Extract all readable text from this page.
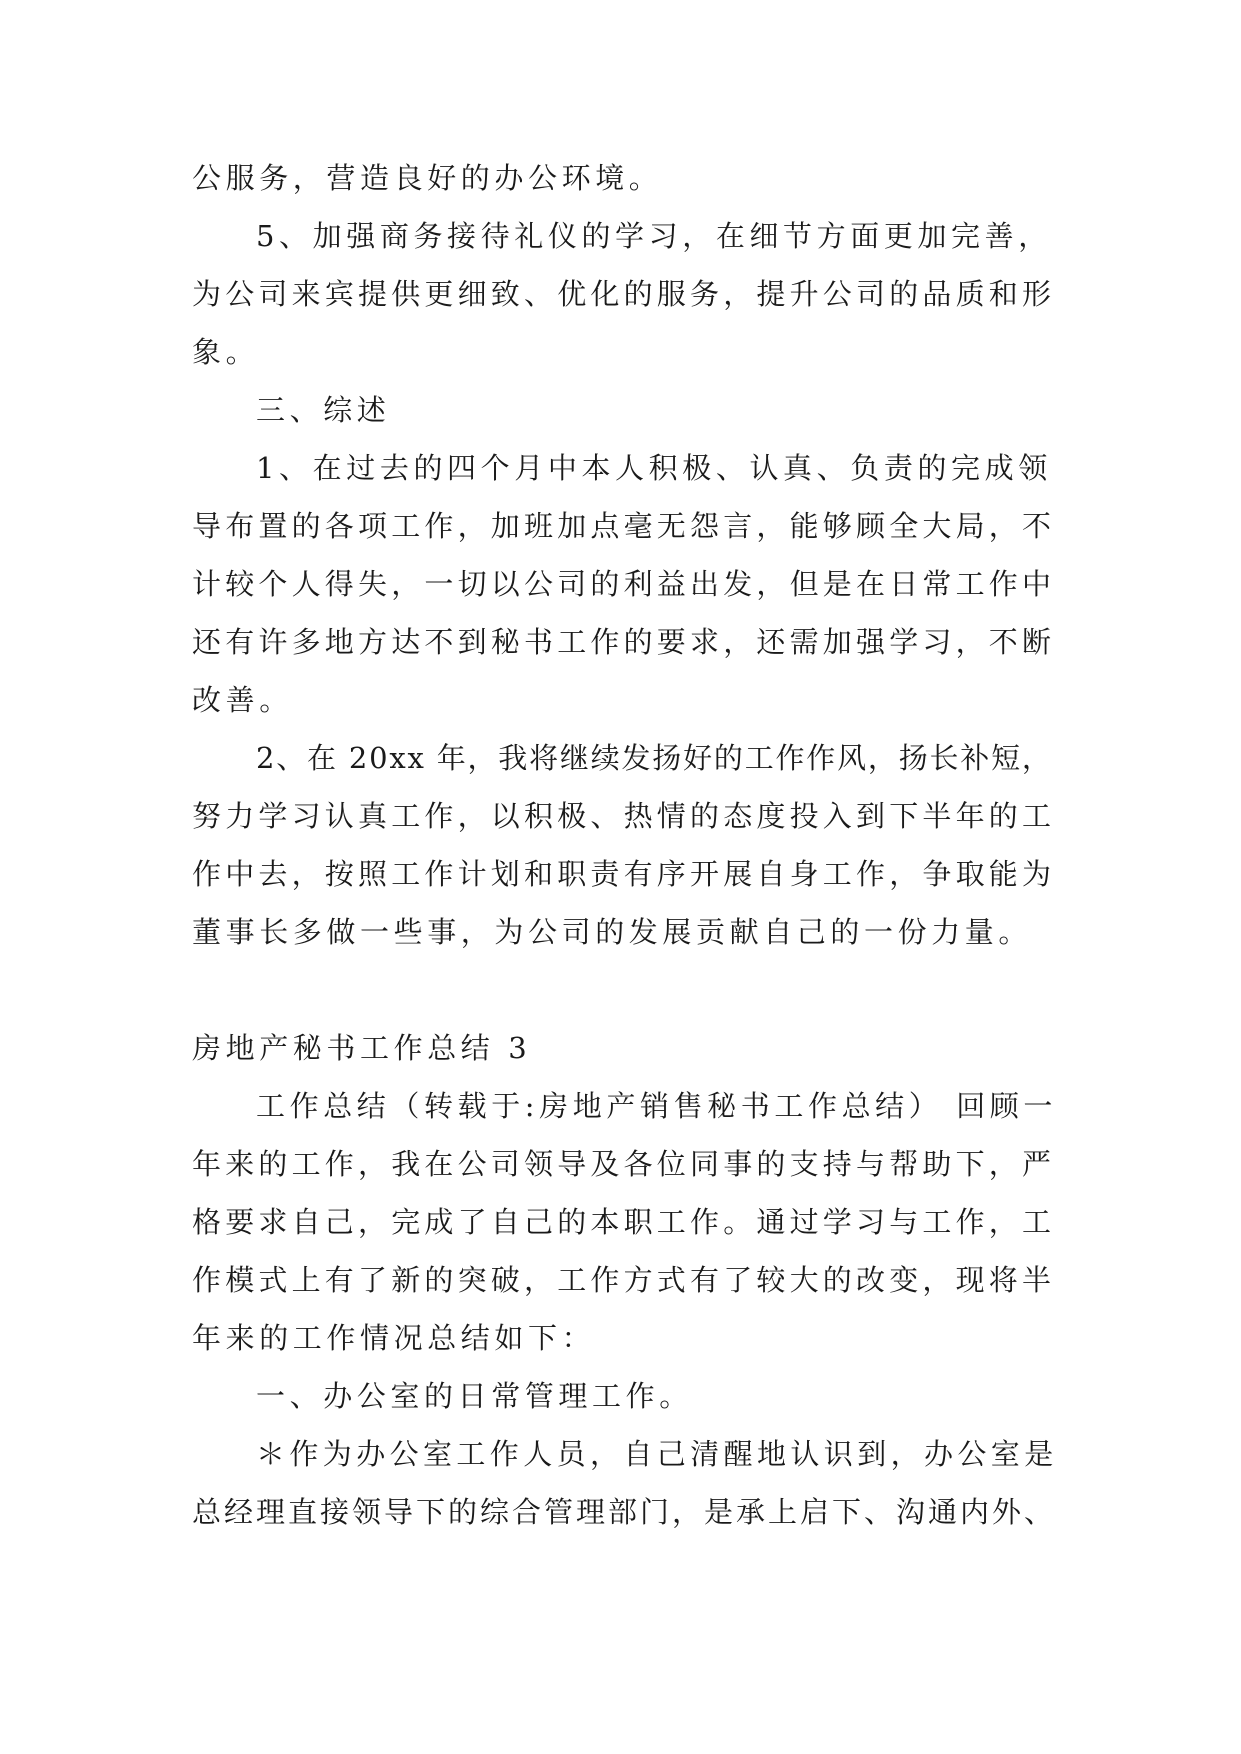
公服务，营造良好的办公环境。
5、加强商务接待礼仪的学习，在细节方面更加完善，
为公司来宾提供更细致、优化的服务，提升公司的品质和形
象。
三、综述
1、在过去的四个月中本人积极、认真、负责的完成领
导布置的各项工作，加班加点毫无怨言，能够顾全大局，不
计较个人得失，一切以公司的利益出发，但是在日常工作中
还有许多地方达不到秘书工作的要求，还需加强学习，不断
改善。
2、在 20xx 年，我将继续发扬好的工作作风，扬长补短，
努力学习认真工作，以积极、热情的态度投入到下半年的工
作中去，按照工作计划和职责有序开展自身工作，争取能为
董事长多做一些事，为公司的发展贡献自己的一份力量。
房地产秘书工作总结 3
工作总结（转载于:房地产销售秘书工作总结） 回顾一
年来的工作，我在公司领导及各位同事的支持与帮助下，严
格要求自己，完成了自己的本职工作。通过学习与工作，工
作模式上有了新的突破，工作方式有了较大的改变，现将半
年来的工作情况总结如下：
一、办公室的日常管理工作。
＊作为办公室工作人员，自己清醒地认识到，办公室是
总经理直接领导下的综合管理部门，是承上启下、沟通内外、
